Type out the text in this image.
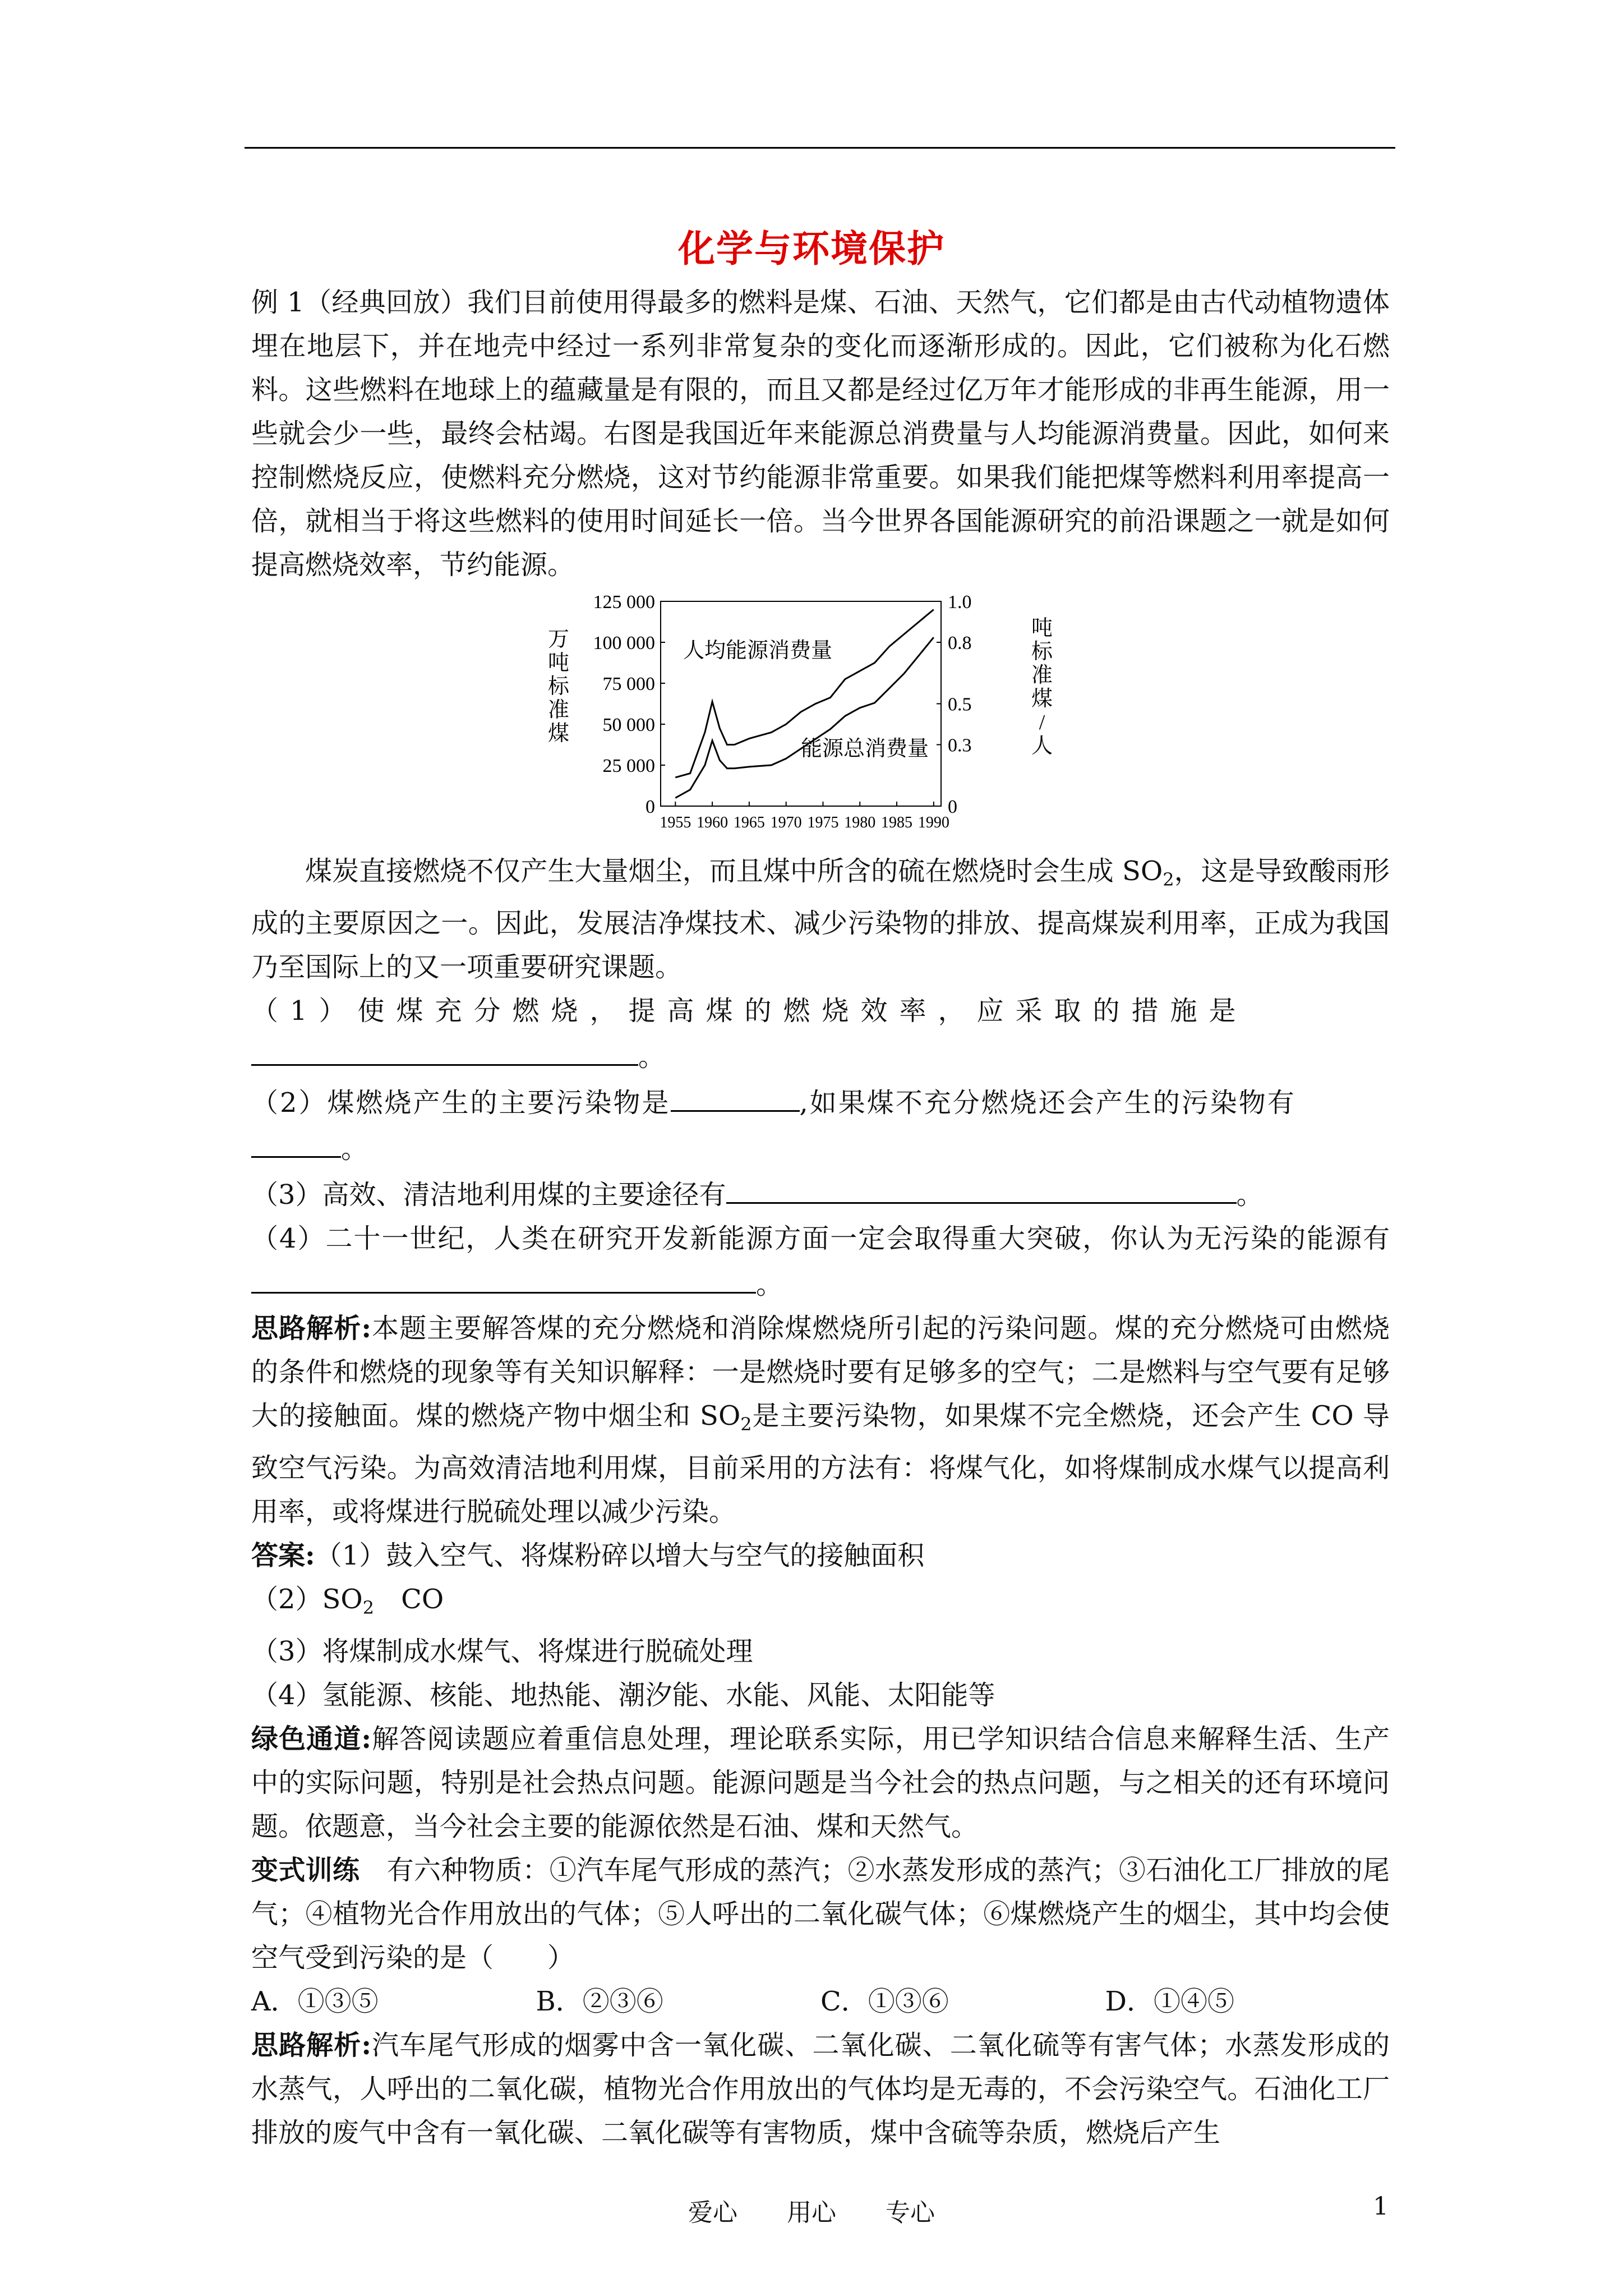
化学与环境保护

例 1（经典回放）我们目前使用得最多的燃料是煤、石油、天然气，它们都是由古代动植物遗体埋在地层下，并在地壳中经过一系列非常复杂的变化而逐渐形成的。因此，它们被称为化石燃料。这些燃料在地球上的蕴藏量是有限的，而且又都是经过亿万年才能形成的非再生能源，用一些就会少一些，最终会枯竭。右图是我国近年来能源总消费量与人均能源消费量。因此，如何来控制燃烧反应，使燃料充分燃烧，这对节约能源非常重要。如果我们能把煤等燃料利用率提高一倍，就相当于将这些燃料的使用时间延长一倍。当今世界各国能源研究的前沿课题之一就是如何提高燃烧效率，节约能源。

125 000
100 000
75 000
50 000
25 000
0
1.0
0.8
0.5
0.3
0
1955 1960 1965 1970 1975 1980 1985 1990
万
吨
标
准
煤
吨
标
准
煤
/
人
人均能源消费量
能源总消费量

煤炭直接燃烧不仅产生大量烟尘，而且煤中所含的硫在燃烧时会生成 $SO_2$，这是导致酸雨形成的主要原因之一。因此，发展洁净煤技术、减少污染物的排放、提高煤炭利用率，正成为我国乃至国际上的又一项重要研究课题。

（1）使煤充分燃烧，提高煤的燃烧效率，应采取的措施是

。

（2）煤燃烧产生的主要污染物是	,如果煤不充分燃烧还会产生的污染物有

。

（3）高效、清洁地利用煤的主要途径有	。

（4）二十一世纪，人类在研究开发新能源方面一定会取得重大突破，你认为无污染的能源有。

思路解析:本题主要解答煤的充分燃烧和消除煤燃烧所引起的污染问题。煤的充分燃烧可由燃烧的条件和燃烧的现象等有关知识解释：一是燃烧时要有足够多的空气；二是燃料与空气要有足够大的接触面。煤的燃烧产物中烟尘和 $SO_2$是主要污染物，如果煤不完全燃烧，还会产生 CO 导致空气污染。为高效清洁地利用煤，目前采用的方法有：将煤气化，如将煤制成水煤气以提高利用率，或将煤进行脱硫处理以减少污染。

答案:（1）鼓入空气、将煤粉碎以增大与空气的接触面积

$(2)SO_2$　CO

（3）将煤制成水煤气、将煤进行脱硫处理

（4）氢能源、核能、地热能、潮汐能、水能、风能、太阳能等

绿色通道:解答阅读题应着重信息处理，理论联系实际，用已学知识结合信息来解释生活、生产中的实际问题，特别是社会热点问题。能源问题是当今社会的热点问题，与之相关的还有环境问题。依题意，当今社会主要的能源依然是石油、煤和天然气。

变式训练　有六种物质：①汽车尾气形成的蒸汽；②水蒸发形成的蒸汽；③石油化工厂排放的尾气；④植物光合作用放出的气体；⑤人呼出的二氧化碳气体；⑥煤燃烧产生的烟尘，其中均会使空气受到污染的是（　　）

A．①③⑤	B．②③⑥	C．①③⑥	D．①④⑤

思路解析:汽车尾气形成的烟雾中含一氧化碳、二氧化碳、二氧化硫等有害气体；水蒸发形成的水蒸气，人呼出的二氧化碳，植物光合作用放出的气体均是无毒的，不会污染空气。石油化工厂排放的废气中含有一氧化碳、二氧化碳等有害物质，煤中含硫等杂质，燃烧后产生

爱心　　用心　　专心	1
